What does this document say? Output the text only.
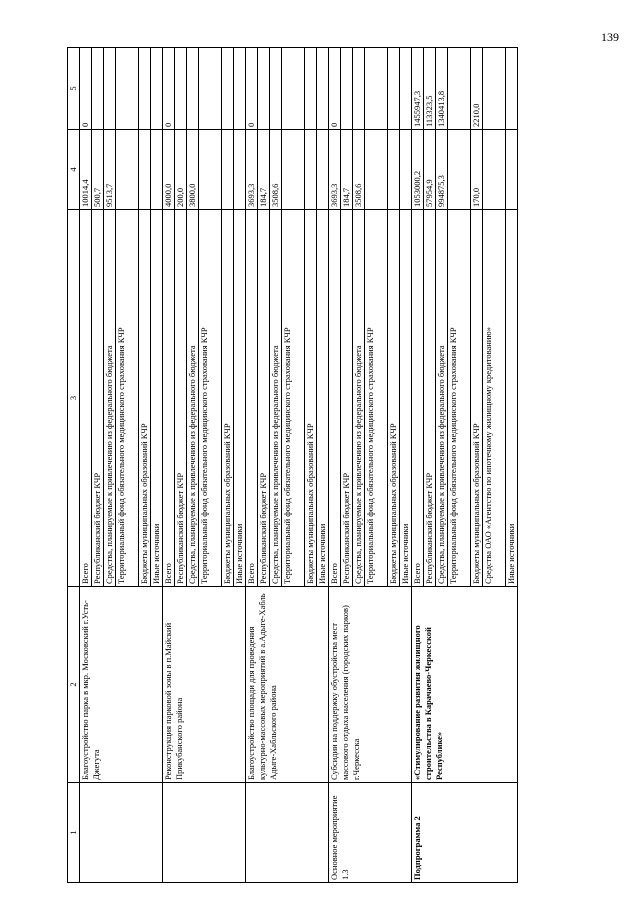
139
1	2	3	4	5
	Благоустройство парка в мкр. Московский г.Усть-Джегута	Всего	10014,4	0
		Республиканский бюджет КЧР	500,7	
		Средства, планируемые к привлечению из федерального бюджета	9513,7	
		Территориальный фонд обязательного медицинского страхования КЧР		
		Бюджеты муниципальных образований КЧР		
		Иные источники		
	Реконструкция парковой зоны в п.Майский Прикубанского района	Всего	4000,0	0
		Республиканский бюджет КЧР	200,0	
		Средства, планируемые к привлечению из федерального бюджета	3800,0	
		Территориальный фонд обязательного медицинского страхования КЧР		
		Бюджеты муниципальных образований КЧР		
		Иные источники		
	Благоустройство площади для проведения культурно-массовых мероприятий в а.Адыге-Хабль Адыге-Хабльского района	Всего	3693,3	0
		Республиканский бюджет КЧР	184,7	
		Средства, планируемые к привлечению из федерального бюджета	3508,6	
		Территориальный фонд обязательного медицинского страхования КЧР		
		Бюджеты муниципальных образований КЧР		
		Иные источники		
Основное мероприятие 1.3	Субсидии на поддержку обустройства мест массового отдыха населения (городских парков) г.Черкесска	Всего	3693,3	0
		Республиканский бюджет КЧР	184,7	
		Средства, планируемые к привлечению из федерального бюджета	3508,6	
		Территориальный фонд обязательного медицинского страхования КЧР		
		Бюджеты муниципальных образований КЧР		
		Иные источники		
Подпрограмма 2	«Стимулирование развития жилищного строительства в Карачаево-Черкесской Республике»	Всего	1053000,2	1455947,3
		Республиканский бюджет КЧР	57954,9	113323,5
		Средства, планируемые к привлечению из федерального бюджета	994875,3	1340413,8
		Территориальный фонд обязательного медицинского страхования КЧР		
		Бюджеты муниципальных образований КЧР	170,0	2210,0
		Средства ОАО «Агентство по ипотечному жилищному кредитованию»		
		Иные источники		
